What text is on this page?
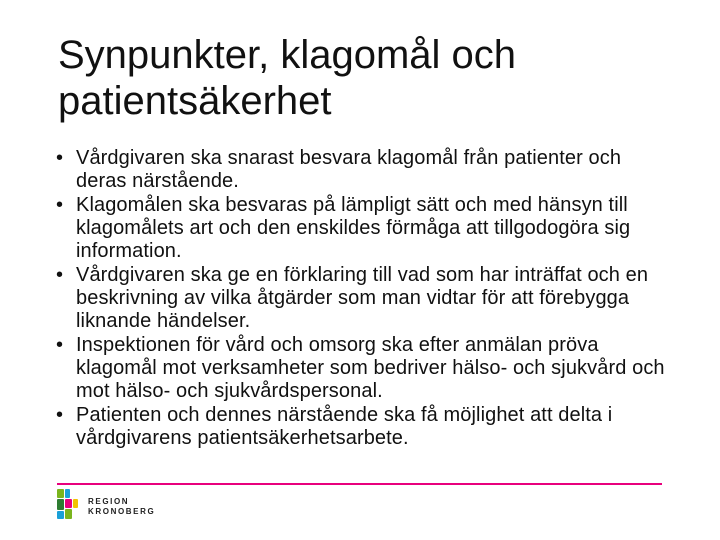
Synpunkter, klagomål och
patientsäkerhet
• Vårdgivaren ska snarast besvara klagomål från patienter och deras närstående.
• Klagomålen ska besvaras på lämpligt sätt och med hänsyn till klagomålets art och den enskildes förmåga att tillgodogöra sig information.
• Vårdgivaren ska ge en förklaring till vad som har inträffat och en beskrivning av vilka åtgärder som man vidtar för att förebygga liknande händelser.
• Inspektionen för vård och omsorg ska efter anmälan pröva klagomål mot verksamheter som bedriver hälso- och sjukvård och mot hälso- och sjukvårdspersonal.
• Patienten och dennes närstående ska få möjlighet att delta i vårdgivarens patientsäkerhetsarbete.
REGION
KRONOBERG
